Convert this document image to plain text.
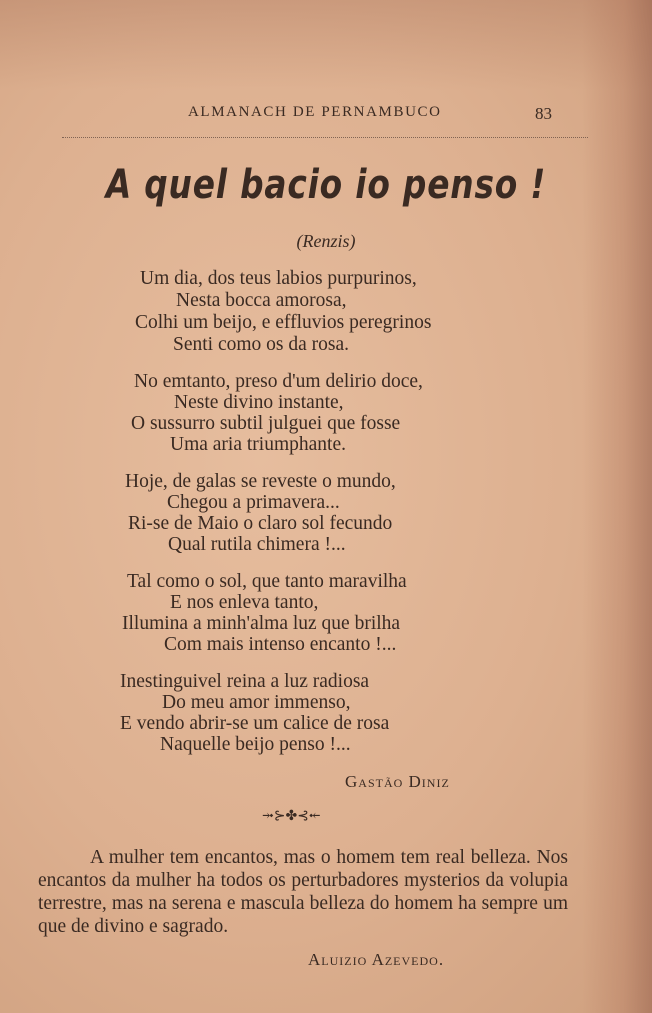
ALMANACH DE PERNAMBUCO	83
A quel bacio io penso !
(Renzis)
Um dia, dos teus labios purpurinos,
Nesta bocca amorosa,
Colhi um beijo, e effluvios peregrinos
Senti como os da rosa.
No emtanto, preso d'um delirio doce,
Neste divino instante,
O sussurro subtil julguei que fosse
Uma aria triumphante.
Hoje, de galas se reveste o mundo,
Chegou a primavera...
Ri-se de Maio o claro sol fecundo
Qual rutila chimera !...
Tal como o sol, que tanto maravilha
E nos enleva tanto,
Illumina a minh'alma luz que brilha
Com mais intenso encanto !...
Inestinguivel reina a luz radiosa
Do meu amor immenso,
E vendo abrir-se um calice de rosa
Naquelle beijo penso !...
Gastão Diniz
⤞⊱✤⊰⤝
A mulher tem encantos, mas o homem tem real belleza. Nos encantos da mulher ha todos os perturbadores mysterios da volupia terrestre, mas na serena e mascula belleza do homem ha sempre um que de divino e sagrado.
Aluizio Azevedo.
